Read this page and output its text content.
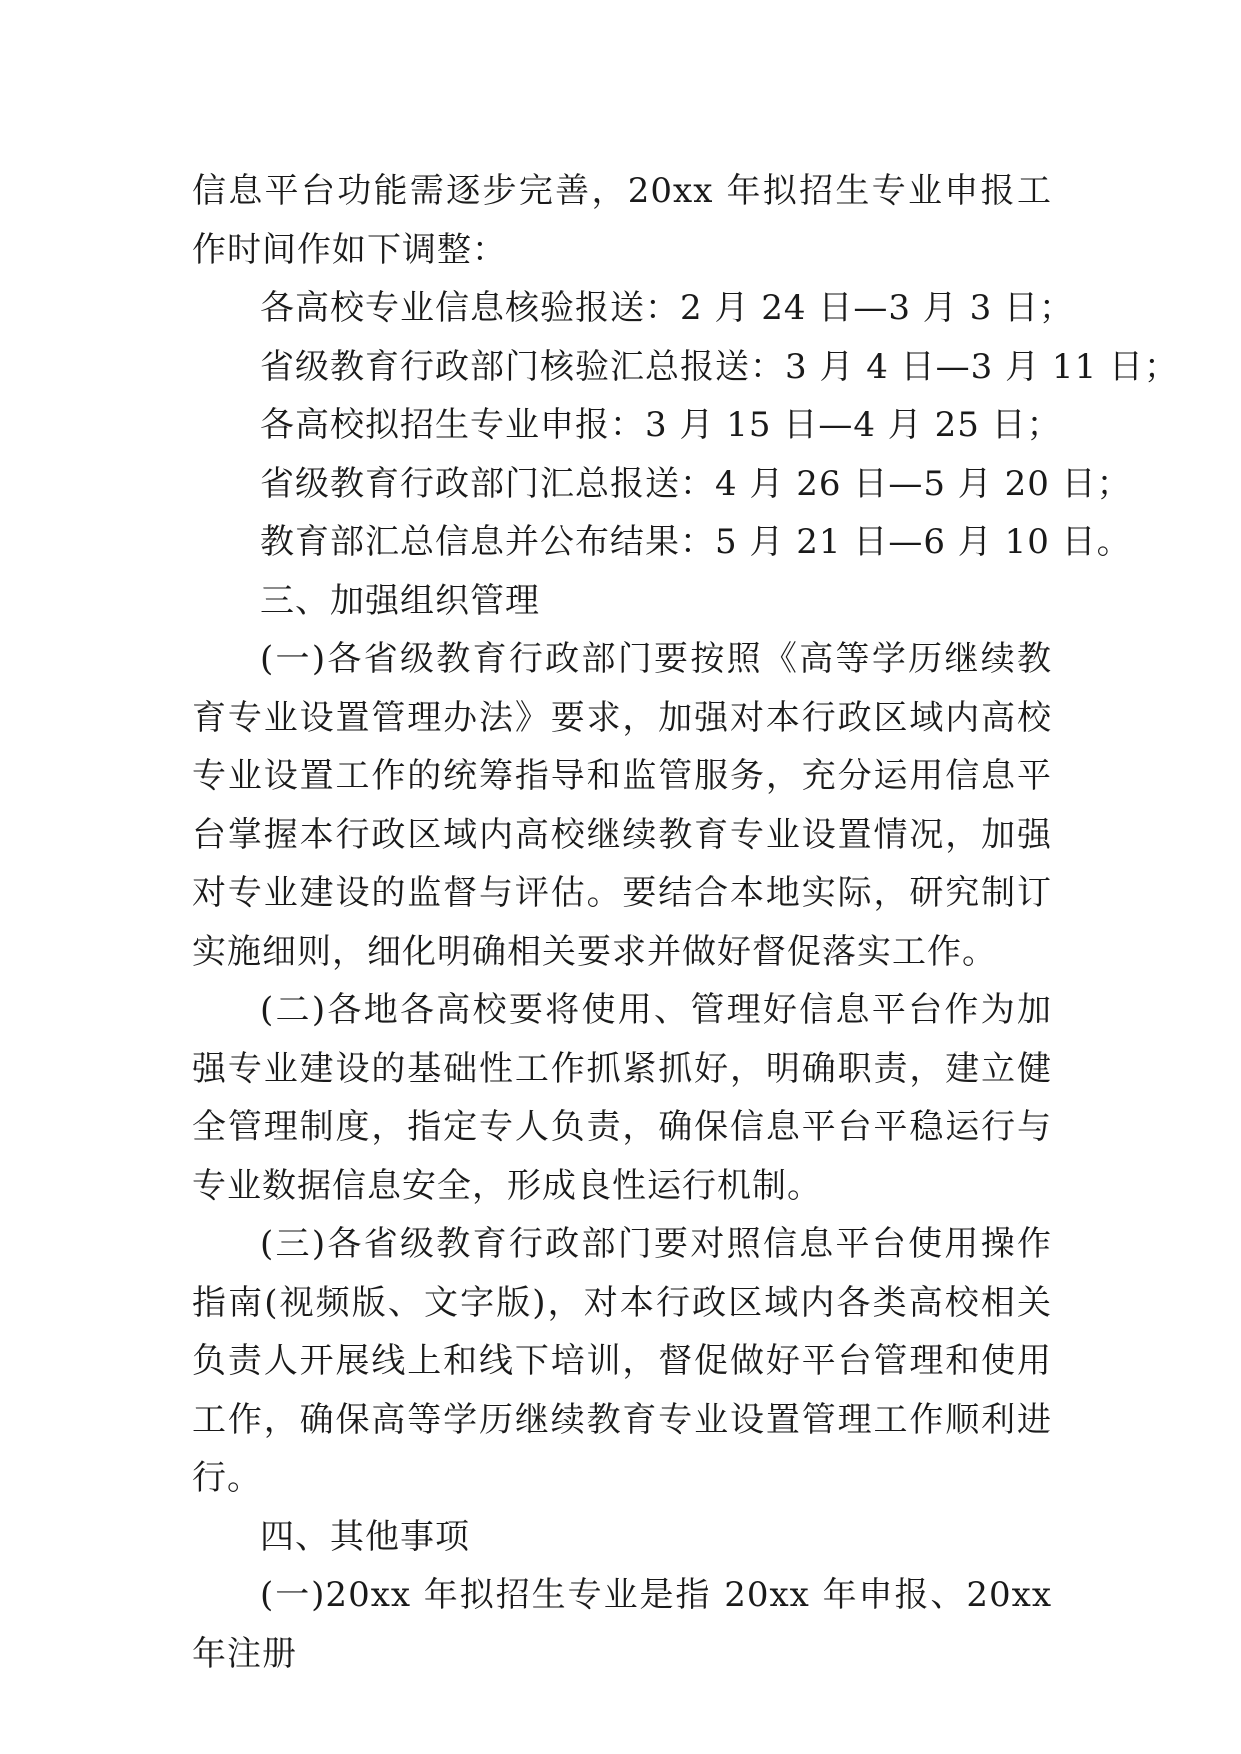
信息平台功能需逐步完善，20xx 年拟招生专业申报工作时间作如下调整：

各高校专业信息核验报送：2 月 24 日—3 月 3 日；

省级教育行政部门核验汇总报送：3 月 4 日—3 月 11 日；

各高校拟招生专业申报：3 月 15 日—4 月 25 日；

省级教育行政部门汇总报送：4 月 26 日—5 月 20 日；

教育部汇总信息并公布结果：5 月 21 日—6 月 10 日。

三、加强组织管理

(一)各省级教育行政部门要按照《高等学历继续教育专业设置管理办法》要求，加强对本行政区域内高校专业设置工作的统筹指导和监管服务，充分运用信息平台掌握本行政区域内高校继续教育专业设置情况，加强对专业建设的监督与评估。要结合本地实际，研究制订实施细则，细化明确相关要求并做好督促落实工作。

(二)各地各高校要将使用、管理好信息平台作为加强专业建设的基础性工作抓紧抓好，明确职责，建立健全管理制度，指定专人负责，确保信息平台平稳运行与专业数据信息安全，形成良性运行机制。

(三)各省级教育行政部门要对照信息平台使用操作指南(视频版、文字版)，对本行政区域内各类高校相关负责人开展线上和线下培训，督促做好平台管理和使用工作，确保高等学历继续教育专业设置管理工作顺利进行。

四、其他事项

(一)20xx 年拟招生专业是指 20xx 年申报、20xx 年注册
